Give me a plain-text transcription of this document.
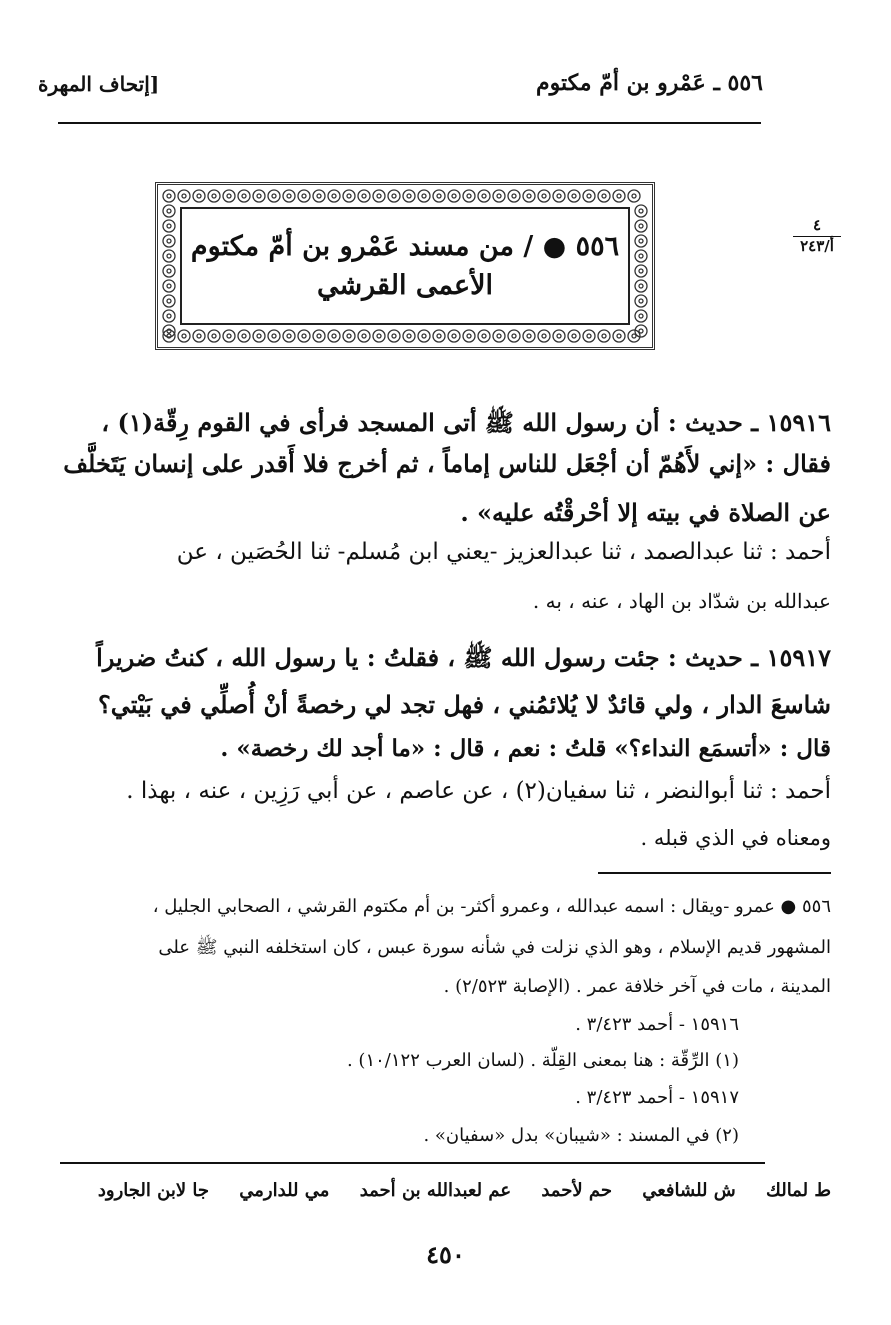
٥٥٦ ـ عَمْرو بن أمّ مكتوم
[إتحاف المهرة
٤
أ/٢٤٣
٥٥٦ ● / من مسند عَمْرو بن أمّ مكتوم
الأعمى القرشي
١٥٩١٦ ـ حديث : أن رسول الله ﷺ أتى المسجد فرأى في القوم رِقّة(١) ،
فقال : «إني لأَهُمّ أن أجْعَل للناس إماماً ، ثم أخرج فلا أَقدر على إنسان يَتَخلَّف
عن الصلاة في بيته إلا أحْرقْتُه عليه» .
أحمد : ثنا عبدالصمد ، ثنا عبدالعزيز -يعني ابن مُسلم- ثنا الحُصَين ، عن
عبدالله بن شدّاد بن الهاد ، عنه ، به .
١٥٩١٧ ـ حديث : جئت رسول الله ﷺ ، فقلتُ : يا رسول الله ، كنتُ ضريراً
شاسعَ الدار ، ولي قائدٌ لا يُلائمُني ، فهل تجد لي رخصةً أنْ أُصلِّي في بَيْتي؟
قال : «أتسمَع النداء؟» قلتُ : نعم ، قال : «ما أجد لك رخصة» .
أحمد : ثنا أبوالنضر ، ثنا سفيان(٢) ، عن عاصم ، عن أبي رَزِين ، عنه ، بهذا .
ومعناه في الذي قبله .
٥٥٦ ● عمرو -ويقال : اسمه عبدالله ، وعمرو أكثر- بن أم مكتوم القرشي ، الصحابي الجليل ،
المشهور قديم الإسلام ، وهو الذي نزلت في شأنه سورة عبس ، كان استخلفه النبي ﷺ على
المدينة ، مات في آخر خلافة عمر . (الإصابة ٢/٥٢٣) .
١٥٩١٦ - أحمد ٣/٤٢٣ .
(١) الرِّقّة : هنا بمعنى القِلّة . (لسان العرب ١٠/١٢٢) .
١٥٩١٧ - أحمد ٣/٤٢٣ .
(٢) في المسند : «شيبان» بدل «سفيان» .
ط لمالك ش للشافعي حم لأحمد عم لعبدالله بن أحمد مي للدارمي جا لابن الجارود
٤٥٠
